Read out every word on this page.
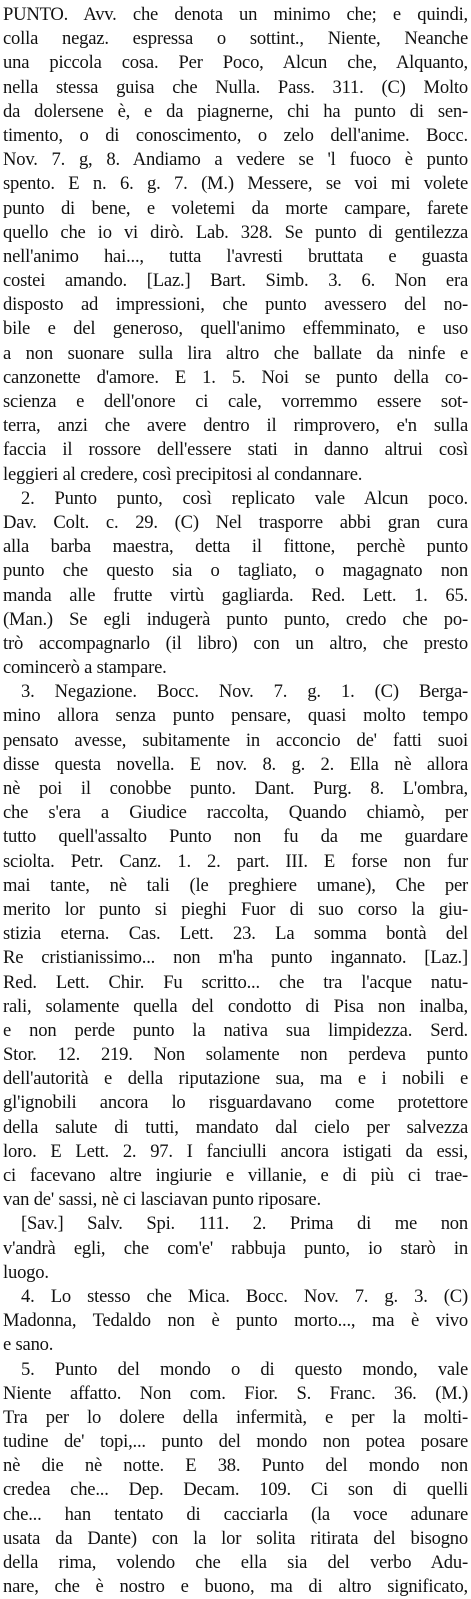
PUNTO. Avv. che denota un minimo che; e quindi,
colla negaz. espressa o sottint., Niente, Neanche
una piccola cosa. Per Poco, Alcun che, Alquanto,
nella stessa guisa che Nulla. Pass. 311. (C) Molto
da dolersene è, e da piagnerne, chi ha punto di sen-
timento, o di conoscimento, o zelo dell'anime. Bocc.
Nov. 7. g, 8. Andiamo a vedere se 'l fuoco è punto
spento. E n. 6. g. 7. (M.) Messere, se voi mi volete
punto di bene, e voletemi da morte campare, farete
quello che io vi dirò. Lab. 328. Se punto di gentilezza
nell'animo hai..., tutta l'avresti bruttata e guasta
costei amando. [Laz.] Bart. Simb. 3. 6. Non era
disposto ad impressioni, che punto avessero del no-
bile e del generoso, quell'animo effemminato, e uso
a non suonare sulla lira altro che ballate da ninfe e
canzonette d'amore. E 1. 5. Noi se punto della co-
scienza e dell'onore ci cale, vorremmo essere sot-
terra, anzi che avere dentro il rimprovero, e'n sulla
faccia il rossore dell'essere stati in danno altrui così
leggieri al credere, così precipitosi al condannare.
2. Punto punto, così replicato vale Alcun poco.
Dav. Colt. c. 29. (C) Nel trasporre abbi gran cura
alla barba maestra, detta il fittone, perchè punto
punto che questo sia o tagliato, o magagnato non
manda alle frutte virtù gagliarda. Red. Lett. 1. 65.
(Man.) Se egli indugerà punto punto, credo che po-
trò accompagnarlo (il libro) con un altro, che presto
comincerò a stampare.
3. Negazione. Bocc. Nov. 7. g. 1. (C) Berga-
mino allora senza punto pensare, quasi molto tempo
pensato avesse, subitamente in acconcio de' fatti suoi
disse questa novella. E nov. 8. g. 2. Ella nè allora
nè poi il conobbe punto. Dant. Purg. 8. L'ombra,
che s'era a Giudice raccolta, Quando chiamò, per
tutto quell'assalto Punto non fu da me guardare
sciolta. Petr. Canz. 1. 2. part. III. E forse non fur
mai tante, nè tali (le preghiere umane), Che per
merito lor punto si pieghi Fuor di suo corso la giu-
stizia eterna. Cas. Lett. 23. La somma bontà del
Re cristianissimo... non m'ha punto ingannato. [Laz.]
Red. Lett. Chir. Fu scritto... che tra l'acque natu-
rali, solamente quella del condotto di Pisa non inalba,
e non perde punto la nativa sua limpidezza. Serd.
Stor. 12. 219. Non solamente non perdeva punto
dell'autorità e della riputazione sua, ma e i nobili e
gl'ignobili ancora lo risguardavano come protettore
della salute di tutti, mandato dal cielo per salvezza
loro. E Lett. 2. 97. I fanciulli ancora istigati da essi,
ci facevano altre ingiurie e villanie, e di più ci trae-
van de' sassi, nè ci lasciavan punto riposare.
[Sav.] Salv. Spi. 111. 2. Prima di me non
v'andrà egli, che com'e' rabbuja punto, io starò in
luogo.
4. Lo stesso che Mica. Bocc. Nov. 7. g. 3. (C)
Madonna, Tedaldo non è punto morto..., ma è vivo
e sano.
5. Punto del mondo o di questo mondo, vale
Niente affatto. Non com. Fior. S. Franc. 36. (M.)
Tra per lo dolere della infermità, e per la molti-
tudine de' topi,... punto del mondo non potea posare
nè die nè notte. E 38. Punto del mondo non
credea che... Dep. Decam. 109. Ci son di quelli
che... han tentato di cacciarla (la voce adunare
usata da Dante) con la lor solita ritirata del bisogno
della rima, volendo che ella sia del verbo Adu-
nare, che è nostro e buono, ma di altro significato,
